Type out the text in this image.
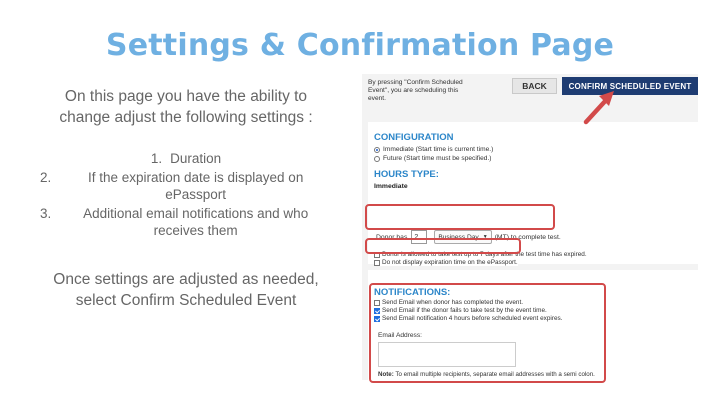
Settings & Confirmation Page

On this page you have the ability to change adjust the following settings :

1. Duration
2.	If the expiration date is displayed on ePassport
3.	Additional email notifications and who receives them

Once settings are adjusted as needed, select Confirm Scheduled Event

By pressing "Confirm Scheduled Event", you are scheduling this event.
BACK	CONFIRM SCHEDULED EVENT
CONFIGURATION
Immediate (Start time is current time.)
Future (Start time must be specified.)
HOURS TYPE:
Immediate
Donor has	2	Business Day ▼ (MT) to complete test.
Donor is allowed to take test up to 7 days after the test time has expired.
Do not display expiration time on the ePassport.
NOTIFICATIONS:
Send Email when donor has completed the event.
Send Email if the donor fails to take test by the event time.
Send Email notification 4 hours before scheduled event expires.
Email Address:
Note: To email multiple recipients, separate email addresses with a semi colon.
